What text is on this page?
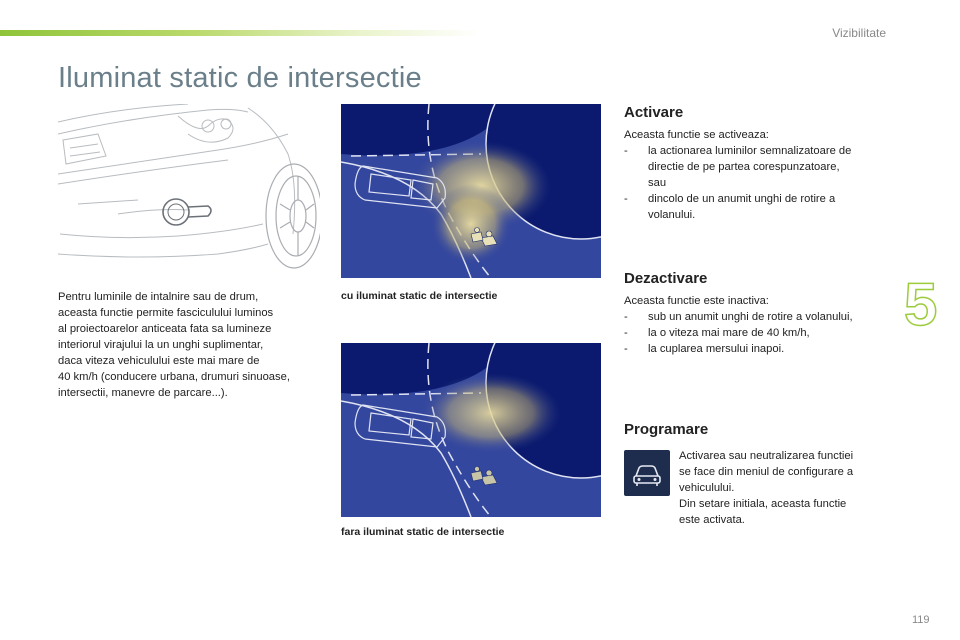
Vizibilitate
Iluminat static de intersectie
Pentru luminile de intalnire sau de drum,
aceasta functie permite fasciculului luminos
al proiectoarelor anticeata fata sa lumineze
interiorul virajului la un unghi suplimentar,
daca viteza vehiculului este mai mare de
40 km/h (conducere urbana, drumuri sinuoase,
intersectii, manevre de parcare...).
cu iluminat static de intersectie
fara iluminat static de intersectie
Activare

Aceasta functie se activeaza:

-	la actionarea luminilor semnalizatoare de
directie de pe partea corespunzatoare,
sau
-	dincolo de un anumit unghi de rotire a
volanului.
Dezactivare

Aceasta functie este inactiva:

-	sub un anumit unghi de rotire a volanului,
-	la o viteza mai mare de 40 km/h,
-	la cuplarea mersului inapoi.
Programare
Activarea sau neutralizarea functiei
se face din meniul de configurare a
vehiculului.
Din setare initiala, aceasta functie
este activata.
5
119
